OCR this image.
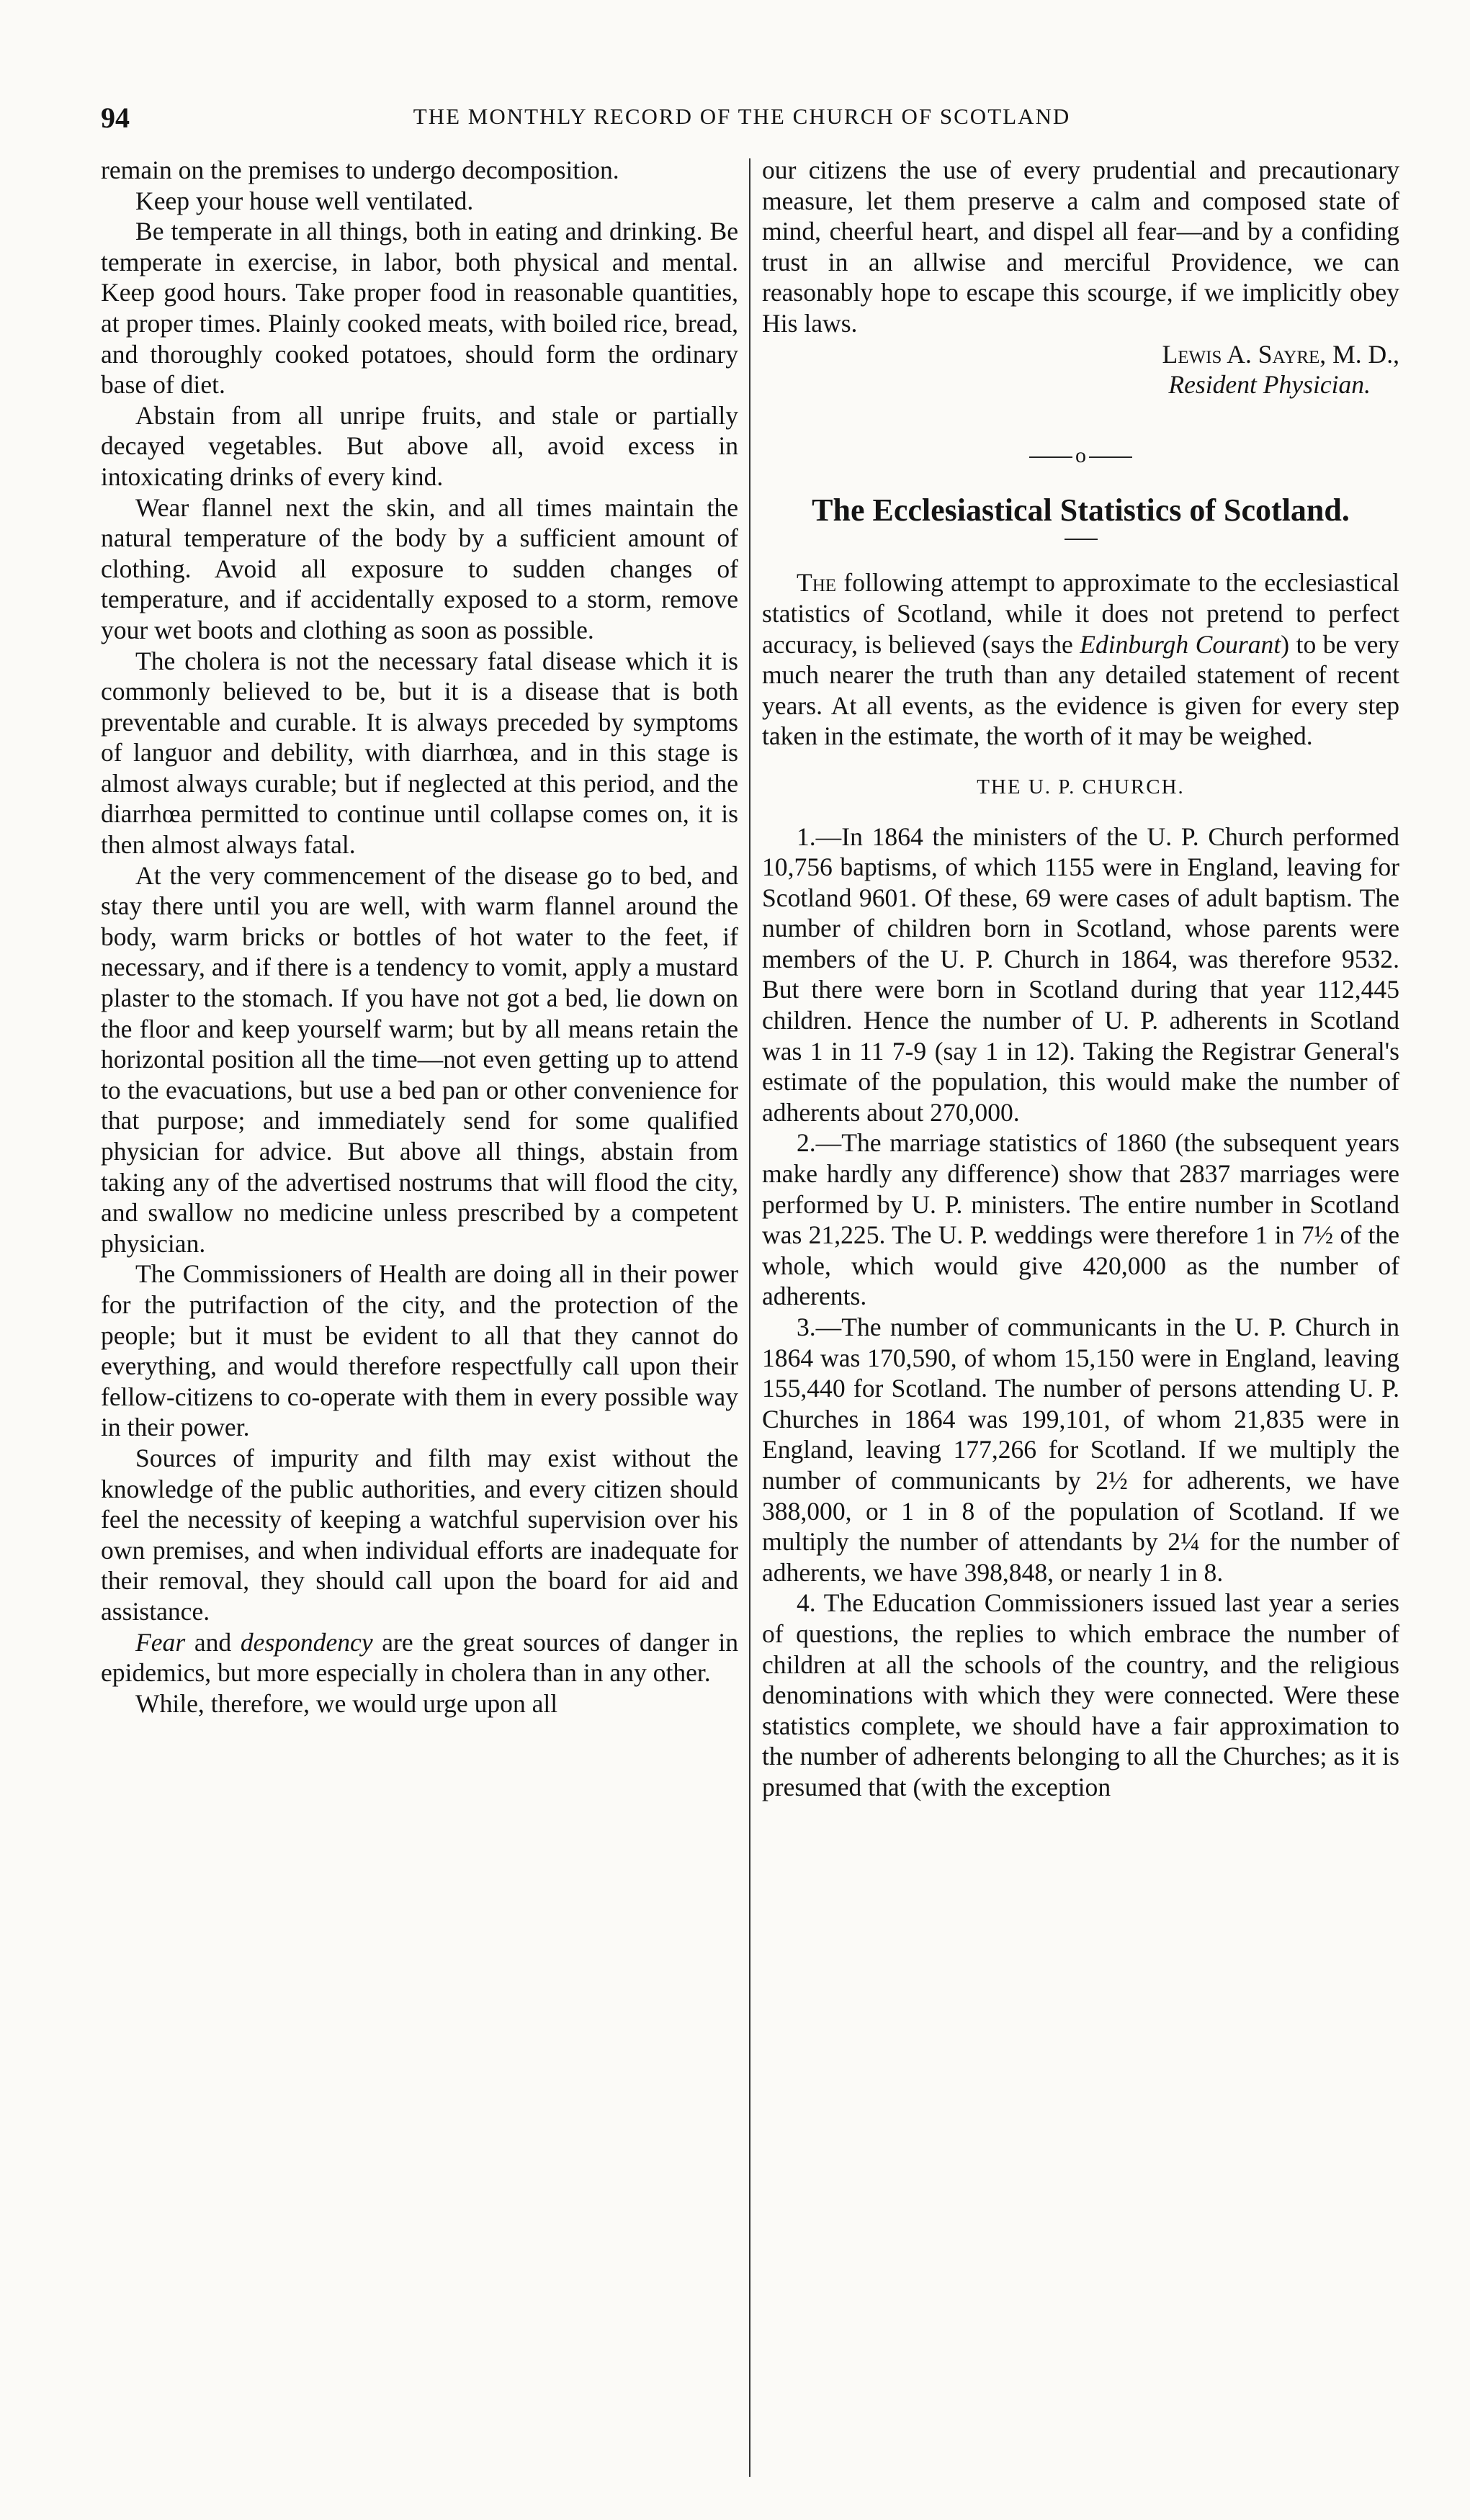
94	THE MONTHLY RECORD OF THE CHURCH OF SCOTLAND

remain on the premises to undergo decomposition.

Keep your house well ventilated.

Be temperate in all things, both in eating and drinking. Be temperate in exercise, in labor, both physical and mental. Keep good hours. Take proper food in reasonable quantities, at proper times. Plainly cooked meats, with boiled rice, bread, and thoroughly cooked potatoes, should form the ordinary base of diet.

Abstain from all unripe fruits, and stale or partially decayed vegetables. But above all, avoid excess in intoxicating drinks of every kind.

Wear flannel next the skin, and all times maintain the natural temperature of the body by a sufficient amount of clothing. Avoid all exposure to sudden changes of temperature, and if accidentally exposed to a storm, remove your wet boots and clothing as soon as possible.

The cholera is not the necessary fatal disease which it is commonly believed to be, but it is a disease that is both preventable and curable. It is always preceded by symptoms of languor and debility, with diarrhœa, and in this stage is almost always curable; but if neglected at this period, and the diarrhœa permitted to continue until collapse comes on, it is then almost always fatal.

At the very commencement of the disease go to bed, and stay there until you are well, with warm flannel around the body, warm bricks or bottles of hot water to the feet, if necessary, and if there is a tendency to vomit, apply a mustard plaster to the stomach. If you have not got a bed, lie down on the floor and keep yourself warm; but by all means retain the horizontal position all the time—not even getting up to attend to the evacuations, but use a bed pan or other convenience for that purpose; and immediately send for some qualified physician for advice. But above all things, abstain from taking any of the advertised nostrums that will flood the city, and swallow no medicine unless prescribed by a competent physician.

The Commissioners of Health are doing all in their power for the putrifaction of the city, and the protection of the people; but it must be evident to all that they cannot do everything, and would therefore respectfully call upon their fellow-citizens to co-operate with them in every possible way in their power.

Sources of impurity and filth may exist without the knowledge of the public authorities, and every citizen should feel the necessity of keeping a watchful supervision over his own premises, and when individual efforts are inadequate for their removal, they should call upon the board for aid and assistance.

Fear and despondency are the great sources of danger in epidemics, but more especially in cholera than in any other.

While, therefore, we would urge upon all

our citizens the use of every prudential and precautionary measure, let them preserve a calm and composed state of mind, cheerful heart, and dispel all fear—and by a confiding trust in an allwise and merciful Providence, we can reasonably hope to escape this scourge, if we implicitly obey His laws.

Lewis A. Sayre, M. D.,

Resident Physician.

o

The Ecclesiastical Statistics of Scotland.

The following attempt to approximate to the ecclesiastical statistics of Scotland, while it does not pretend to perfect accuracy, is believed (says the Edinburgh Courant) to be very much nearer the truth than any detailed statement of recent years. At all events, as the evidence is given for every step taken in the estimate, the worth of it may be weighed.

THE U. P. CHURCH.

1.—In 1864 the ministers of the U. P. Church performed 10,756 baptisms, of which 1155 were in England, leaving for Scotland 9601. Of these, 69 were cases of adult baptism. The number of children born in Scotland, whose parents were members of the U. P. Church in 1864, was therefore 9532. But there were born in Scotland during that year 112,445 children. Hence the number of U. P. adherents in Scotland was 1 in 11 7-9 (say 1 in 12). Taking the Registrar General's estimate of the population, this would make the number of adherents about 270,000.

2.—The marriage statistics of 1860 (the subsequent years make hardly any difference) show that 2837 marriages were performed by U. P. ministers. The entire number in Scotland was 21,225. The U. P. weddings were therefore 1 in 7½ of the whole, which would give 420,000 as the number of adherents.

3.—The number of communicants in the U. P. Church in 1864 was 170,590, of whom 15,150 were in England, leaving 155,440 for Scotland. The number of persons attending U. P. Churches in 1864 was 199,101, of whom 21,835 were in England, leaving 177,266 for Scotland. If we multiply the number of communicants by 2½ for adherents, we have 388,000, or 1 in 8 of the population of Scotland. If we multiply the number of attendants by 2¼ for the number of adherents, we have 398,848, or nearly 1 in 8.

4. The Education Commissioners issued last year a series of questions, the replies to which embrace the number of children at all the schools of the country, and the religious denominations with which they were connected. Were these statistics complete, we should have a fair approximation to the number of adherents belonging to all the Churches; as it is presumed that (with the exception
